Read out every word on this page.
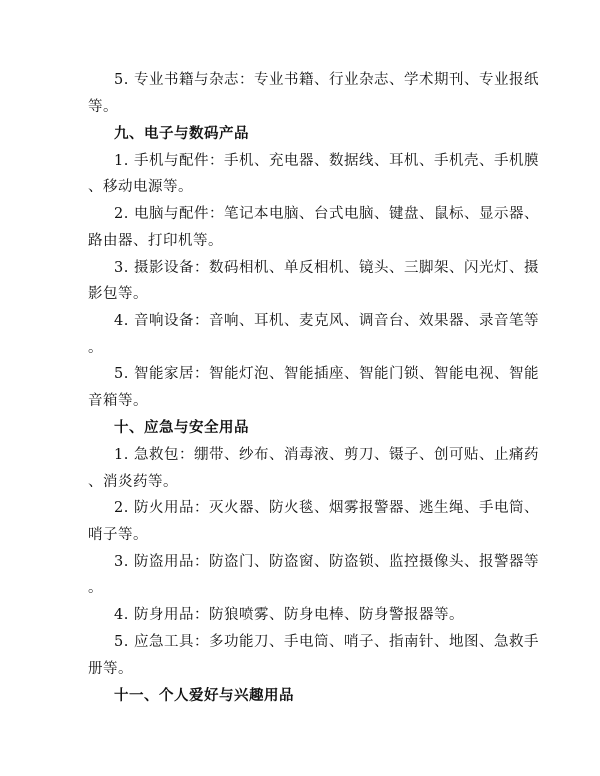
5. 专业书籍与杂志：专业书籍、行业杂志、学术期刊、专业报纸
等。
九、电子与数码产品
1. 手机与配件：手机、充电器、数据线、耳机、手机壳、手机膜
、移动电源等。
2. 电脑与配件：笔记本电脑、台式电脑、键盘、鼠标、显示器、
路由器、打印机等。
3. 摄影设备：数码相机、单反相机、镜头、三脚架、闪光灯、摄
影包等。
4. 音响设备：音响、耳机、麦克风、调音台、效果器、录音笔等
。
5. 智能家居：智能灯泡、智能插座、智能门锁、智能电视、智能
音箱等。
十、应急与安全用品
1. 急救包：绷带、纱布、消毒液、剪刀、镊子、创可贴、止痛药
、消炎药等。
2. 防火用品：灭火器、防火毯、烟雾报警器、逃生绳、手电筒、
哨子等。
3. 防盗用品：防盗门、防盗窗、防盗锁、监控摄像头、报警器等
。
4. 防身用品：防狼喷雾、防身电棒、防身警报器等。
5. 应急工具：多功能刀、手电筒、哨子、指南针、地图、急救手
册等。
十一、个人爱好与兴趣用品
